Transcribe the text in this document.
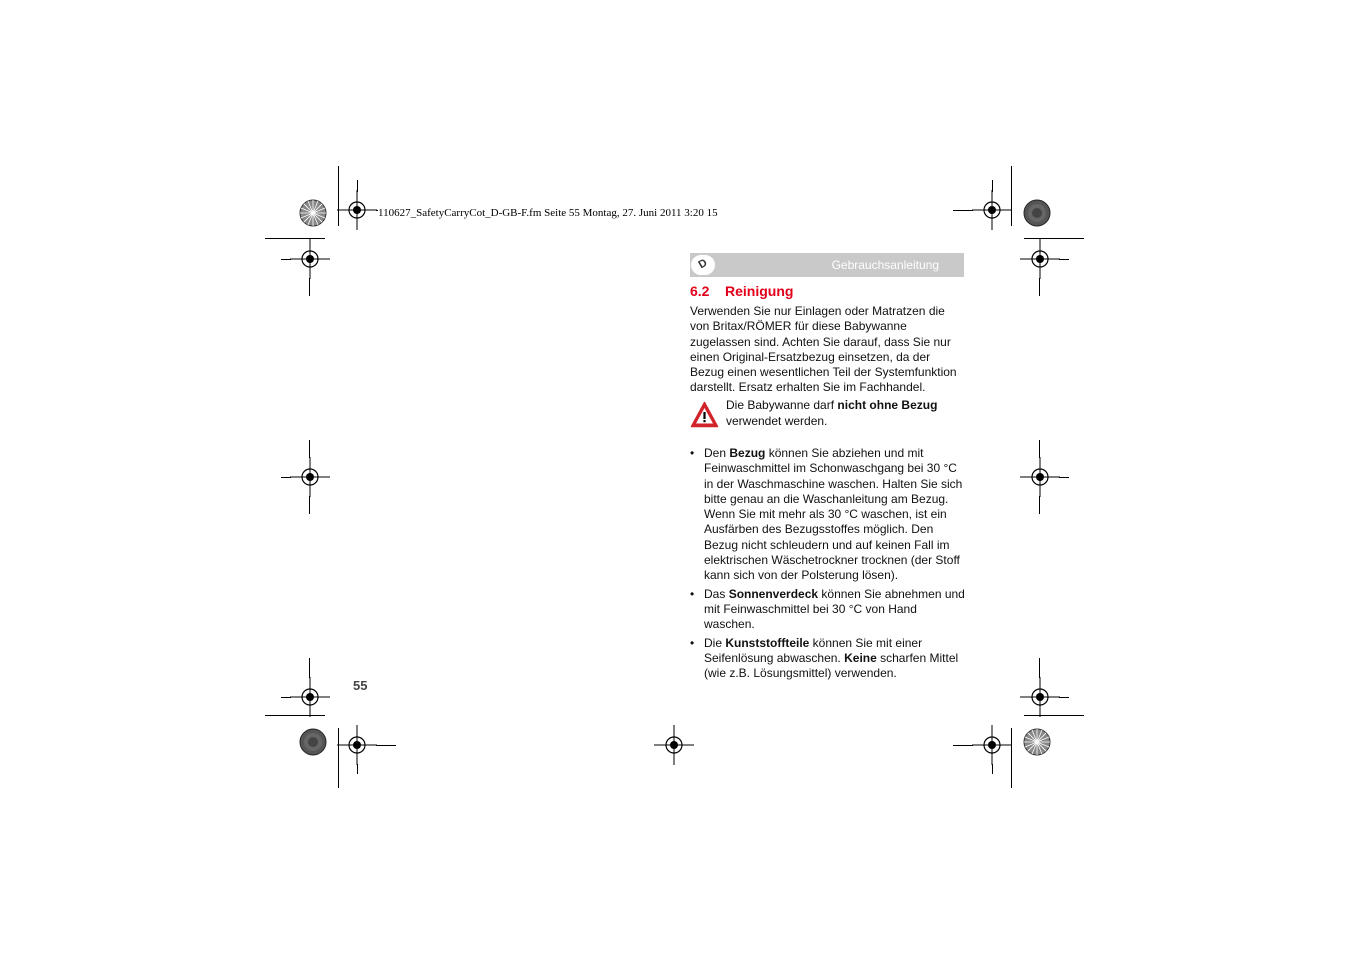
110627_SafetyCarryCot_D-GB-F.fm Seite 55 Montag, 27. Juni 2011 3:20 15
D	Gebrauchsanleitung
6.2 Reinigung
Verwenden Sie nur Einlagen oder Matratzen die von Britax/RÖMER für diese Babywanne zugelassen sind. Achten Sie darauf, dass Sie nur einen Original-Ersatzbezug einsetzen, da der Bezug einen wesentlichen Teil der Systemfunktion darstellt. Ersatz erhalten Sie im Fachhandel.
Die Babywanne darf nicht ohne Bezug verwendet werden.
• Den Bezug können Sie abziehen und mit Feinwaschmittel im Schonwaschgang bei 30 °C in der Waschmaschine waschen. Halten Sie sich bitte genau an die Waschanleitung am Bezug. Wenn Sie mit mehr als 30 °C waschen, ist ein Ausfärben des Bezugsstoffes möglich. Den Bezug nicht schleudern und auf keinen Fall im elektrischen Wäschetrockner trocknen (der Stoff kann sich von der Polsterung lösen).
• Das Sonnenverdeck können Sie abnehmen und mit Feinwaschmittel bei 30 °C von Hand waschen.
• Die Kunststoffteile können Sie mit einer Seifenlösung abwaschen. Keine scharfen Mittel (wie z.B. Lösungsmittel) verwenden.
55
